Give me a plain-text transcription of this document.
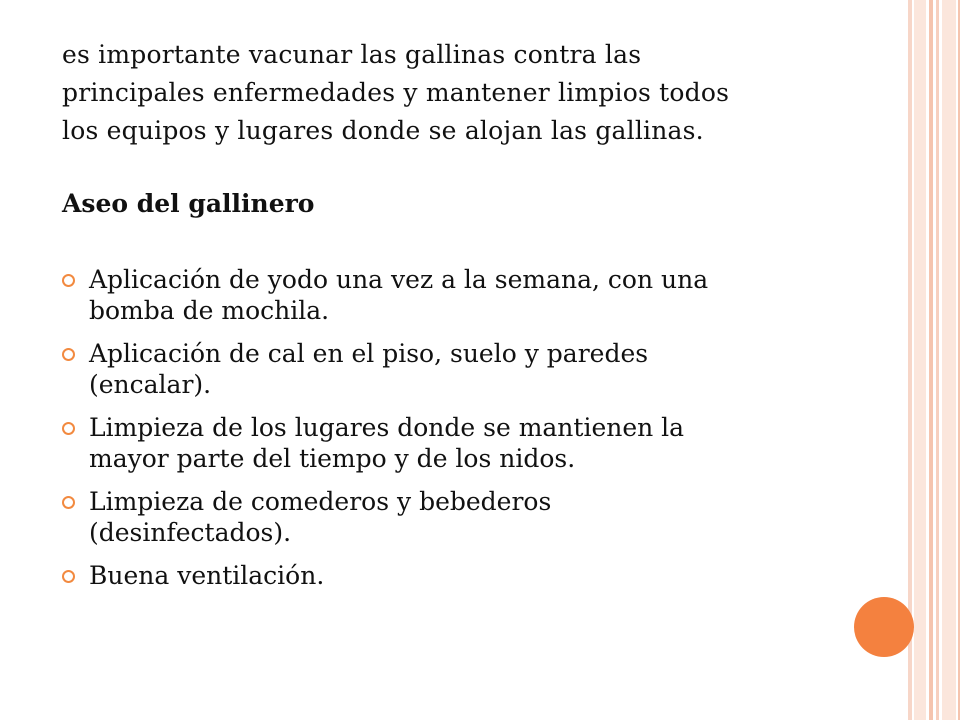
es importante vacunar las gallinas contra las
principales enfermedades y mantener limpios todos
los equipos y lugares donde se alojan las gallinas.

Aseo del gallinero
Aplicación de yodo una vez a la semana, con una
bomba de mochila.
Aplicación de cal en el piso, suelo y paredes
(encalar).
Limpieza de los lugares donde se mantienen la
mayor parte del tiempo y de los nidos.
Limpieza de comederos y bebederos
(desinfectados).
Buena ventilación.
